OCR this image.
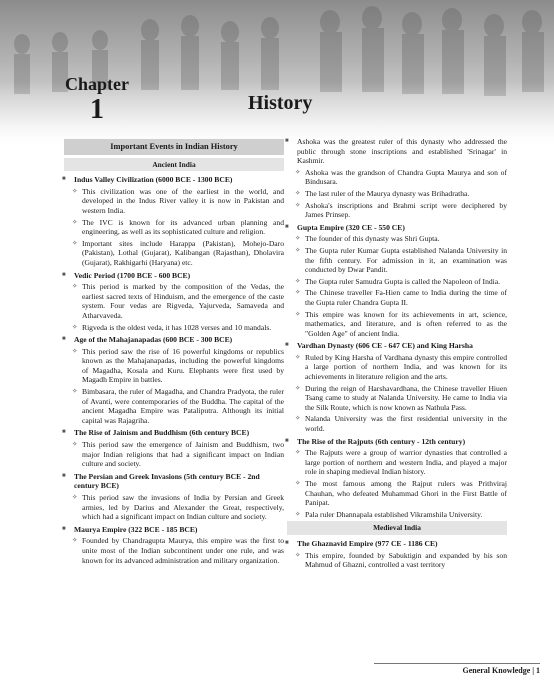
Chapter
1	History
Important Events in Indian History
Ancient India
■ Indus Valley Civilization (6000 BCE - 1300 BCE)
✧ This civilization was one of the earliest in the world, and developed in the Indus River valley it is now in Pakistan and western India.
✧ The IVC is known for its advanced urban planning and engineering, as well as its sophisticated culture and religion.
✧ Important sites include Harappa (Pakistan), Mohejo-Daro (Pakistan), Lothal (Gujarat), Kalibangan (Rajasthan), Dholavira (Gujarat), Rakhigarhi (Haryana) etc.
■ Vedic Period (1700 BCE - 600 BCE)
✧ This period is marked by the composition of the Vedas, the earliest sacred texts of Hinduism, and the emergence of the caste system. Four vedas are Rigveda, Yajurveda, Samaveda and Atharvaveda.
✧ Rigveda is the oldest veda, it has 1028 verses and 10 mandals.
■ Age of the Mahajanapadas (600 BCE - 300 BCE)
✧ This period saw the rise of 16 powerful kingdoms or republics known as the Mahajanapadas, including the powerful kingdoms of Magadha, Kosala and Kuru. Elephants were first used by Magadh Empire in battles.
✧ Bimbasara, the ruler of Magadha, and Chandra Pradyota, the ruler of Avanti, were contemporaries of the Buddha. The capital of the ancient Magadha Empire was Pataliputra. Although its initial capital was Rajagriha.
■ The Rise of Jainism and Buddhism (6th century BCE)
✧ This period saw the emergence of Jainism and Buddhism, two major Indian religions that had a significant impact on Indian culture and society.
■ The Persian and Greek Invasions (5th century BCE - 2nd century BCE)
✧ This period saw the invasions of India by Persian and Greek armies, led by Darius and Alexander the Great, respectively, which had a significant impact on Indian culture and society.
■ Maurya Empire (322 BCE - 185 BCE)
✧ Founded by Chandragupta Maurya, this empire was the first to unite most of the Indian subcontinent under one rule, and was known for its advanced administration and military organization.
■ Ashoka was the greatest ruler of this dynasty who addressed the public through stone inscriptions and established 'Srinagar' in Kashmir.
✧ Ashoka was the grandson of Chandra Gupta Maurya and son of Bindusara.
✧ The last ruler of the Maurya dynasty was Brihadratha.
✧ Ashoka's inscriptions and Brahmi script were deciphered by James Prinsep.
■ Gupta Empire (320 CE - 550 CE)
✧ The founder of this dynasty was Shri Gupta.
✧ The Gupta ruler Kumar Gupta established Nalanda University in the fifth century. For admission in it, an examination was conducted by Dwar Pandit.
✧ The Gupta ruler Samudra Gupta is called the Napoleon of India.
✧ The Chinese traveller Fa-Hien came to India during the time of the Gupta ruler Chandra Gupta II.
✧ This empire was known for its achievements in art, science, mathematics, and literature, and is often referred to as the "Golden Age" of ancient India.
■ Vardhan Dynasty (606 CE - 647 CE) and King Harsha
✧ Ruled by King Harsha of Vardhana dynasty this empire controlled a large portion of northern India, and was known for its achievements in literature religion and the arts.
✧ During the reign of Harshavardhana, the Chinese traveller Hiuen Tsang came to study at Nalanda University. He came to India via the Silk Route, which is now known as Nathula Pass.
✧ Nalanda University was the first residential university in the world.
■ The Rise of the Rajputs (6th century - 12th century)
✧ The Rajputs were a group of warrior dynasties that controlled a large portion of northern and western India, and played a major role in shaping medieval Indian history.
✧ The most famous among the Rajput rulers was Prithviraj Chauhan, who defeated Muhammad Ghori in the First Battle of Panipat.
✧ Pala ruler Dhannapala established Vikramshila University.
Medieval India
■ The Ghaznavid Empire (977 CE - 1186 CE)
✧ This empire, founded by Sabuktigin and expanded by his son Mahmud of Ghazni, controlled a vast territory
General Knowledge | 1
